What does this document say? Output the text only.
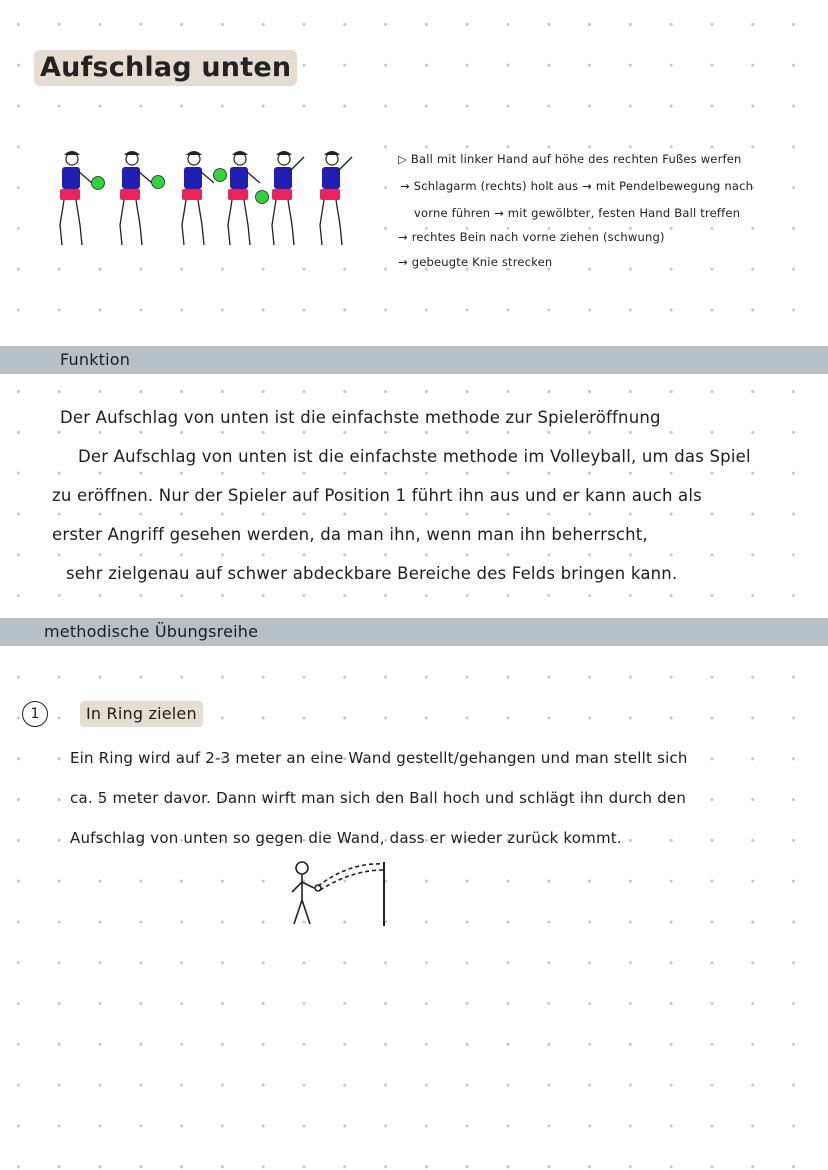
Aufschlag unten
▷ Ball mit linker Hand auf höhe des rechten Fußes werfen
→ Schlagarm (rechts) holt aus → mit Pendelbewegung nach
vorne führen → mit gewölbter, festen Hand Ball treffen
→ rechtes Bein nach vorne ziehen (schwung)
→ gebeugte Knie strecken
Funktion
Der Aufschlag von unten ist die einfachste methode zur Spieleröffnung
Der Aufschlag von unten ist die einfachste methode im Volleyball, um das Spiel
zu eröffnen. Nur der Spieler auf Position 1 führt ihn aus und er kann auch als
erster Angriff gesehen werden, da man ihn, wenn man ihn beherrscht,
sehr zielgenau auf schwer abdeckbare Bereiche des Felds bringen kann.
methodische Übungsreihe
1	In Ring zielen
Ein Ring wird auf 2-3 meter an eine Wand gestellt/gehangen und man stellt sich
ca. 5 meter davor. Dann wirft man sich den Ball hoch und schlägt ihn durch den
Aufschlag von unten so gegen die Wand, dass er wieder zurück kommt.
